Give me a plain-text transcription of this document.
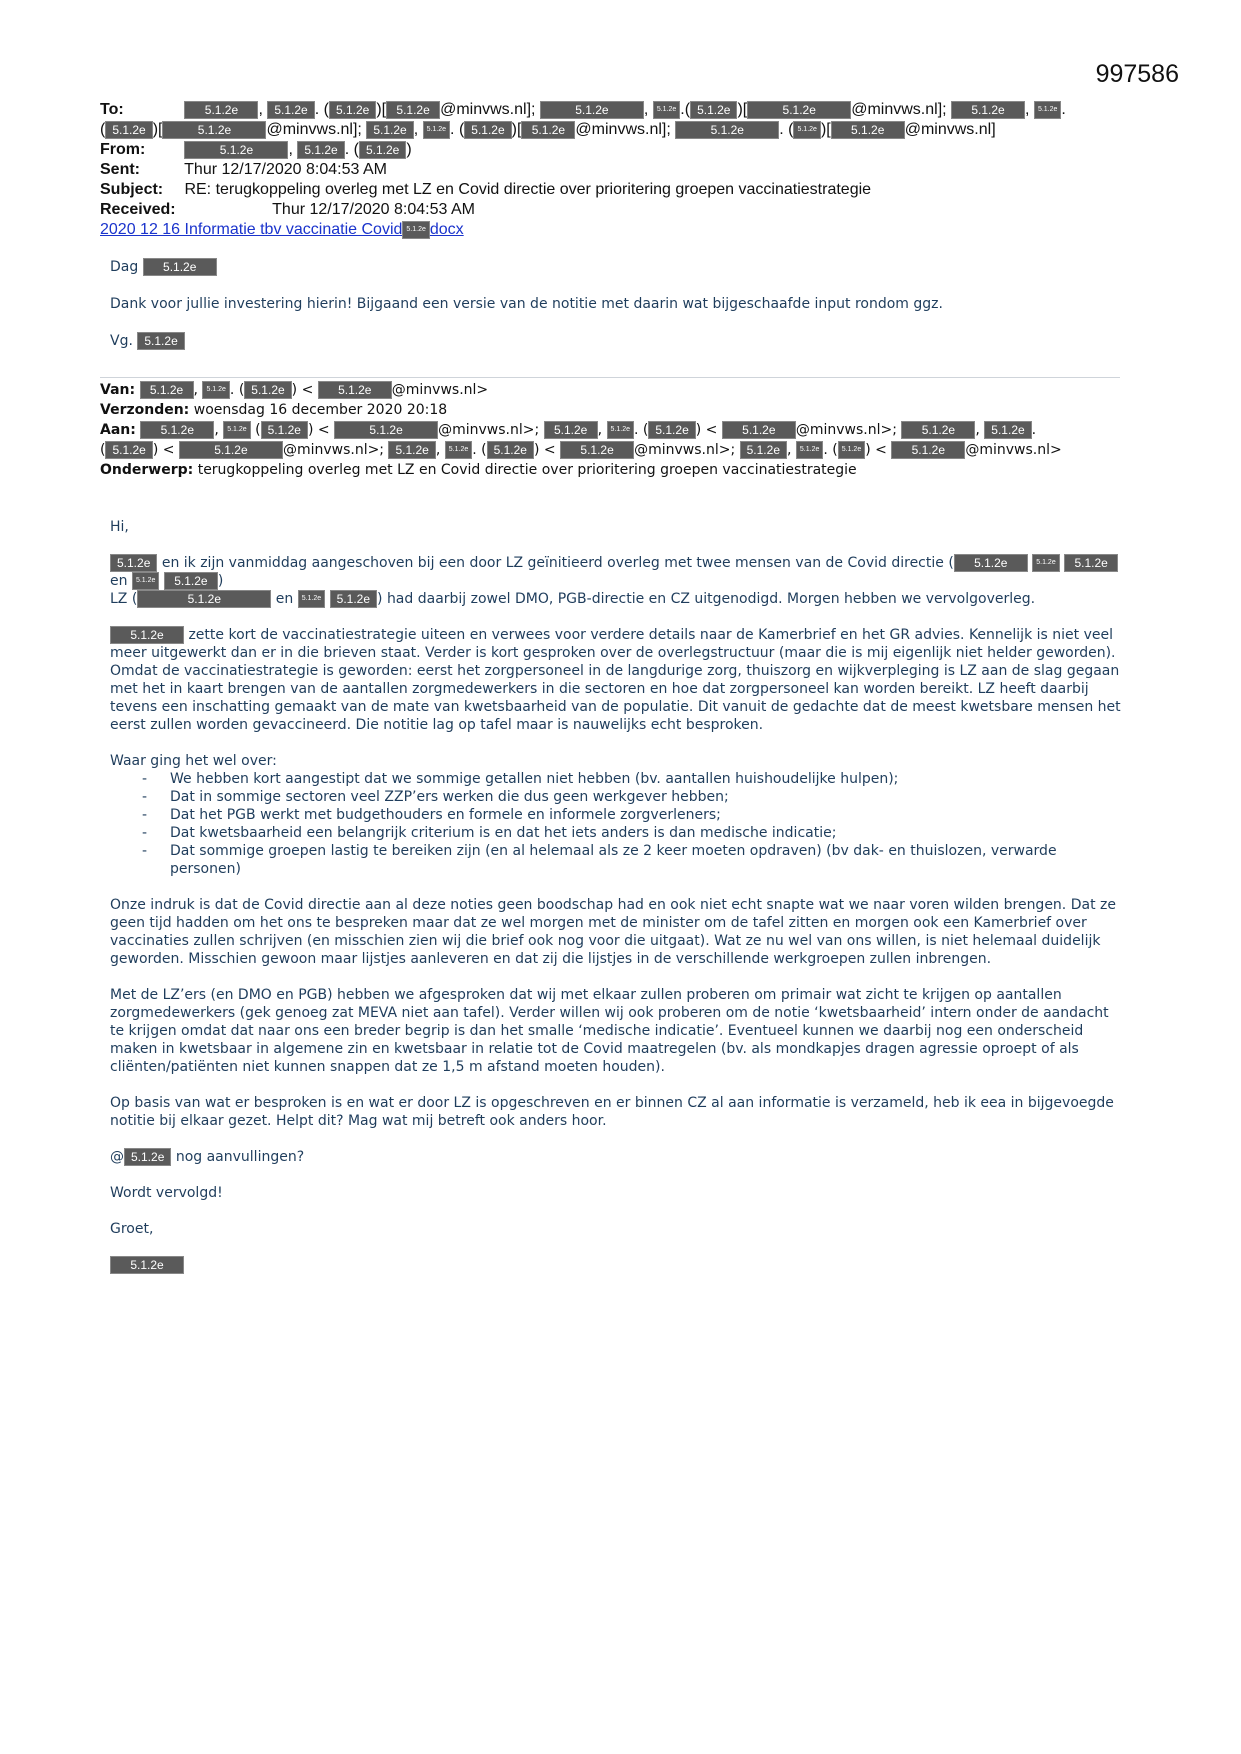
997586
To:	5.1.2e , 5.1.2e . ( 5.1.2e )[ 5.1.2e @minvws.nl];	5.1.2e , 5.1.2e .( 5.1.2e )[	5.1.2e @minvws.nl]; 5.1.2e , 5.1.2e .
( 5.1.2e )[	5.1.2e @minvws.nl]; 5.1.2e , 5.1.2e . ( 5.1.2e )[ 5.1.2e @minvws.nl];	5.1.2e . ( 5.1.2e )[ 5.1.2e @minvws.nl]
From:	5.1.2e , 5.1.2e . ( 5.1.2e )
Sent:	Thur 12/17/2020 8:04:53 AM
Subject: RE: terugkoppeling overleg met LZ en Covid directie over prioritering groepen vaccinatiestrategie
Received:	Thur 12/17/2020 8:04:53 AM
2020 12 16 Informatie tbv vaccinatie Covid 5.1.2e docx

Dag 5.1.2e

Dank voor jullie investering hierin! Bijgaand een versie van de notitie met daarin wat bijgeschaafde input rondom ggz.

Vg. 5.1.2e

Van: 5.1.2e , 5.1.2e . ( 5.1.2e ) < 5.1.2e @minvws.nl>
Verzonden: woensdag 16 december 2020 20:18
Aan: 5.1.2e , 5.1.2e ( 5.1.2e ) <	5.1.2e	@minvws.nl>; 5.1.2e , 5.1.2e . ( 5.1.2e ) < 5.1.2e @minvws.nl>; 5.1.2e , 5.1.2e .
( 5.1.2e ) <	5.1.2e	@minvws.nl>; 5.1.2e , 5.1.2e . ( 5.1.2e ) < 5.1.2e @minvws.nl>; 5.1.2e , 5.1.2e . ( 5.1.2e ) < 5.1.2e @minvws.nl>
Onderwerp: terugkoppeling overleg met LZ en Covid directie over prioritering groepen vaccinatiestrategie

Hi,

5.1.2e en ik zijn vanmiddag aangeschoven bij een door LZ geïnitieerd overleg met twee mensen van de Covid directie ( 5.1.2e	5.1.2e 5.1.2e en 5.1.2e 5.1.2e )
LZ (	5.1.2e	en 5.1.2e 5.1.2e ) had daarbij zowel DMO, PGB-directie en CZ uitgenodigd. Morgen hebben we vervolgoverleg.

5.1.2e zette kort de vaccinatiestrategie uiteen en verwees voor verdere details naar de Kamerbrief en het GR advies. Kennelijk is niet veel meer uitgewerkt dan er in die brieven staat. Verder is kort gesproken over de overlegstructuur (maar die is mij eigenlijk niet helder geworden). Omdat de vaccinatiestrategie is geworden: eerst het zorgpersoneel in de langdurige zorg, thuiszorg en wijkverpleging is LZ aan de slag gegaan met het in kaart brengen van de aantallen zorgmedewerkers in die sectoren en hoe dat zorgpersoneel kan worden bereikt. LZ heeft daarbij tevens een inschatting gemaakt van de mate van kwetsbaarheid van de populatie. Dit vanuit de gedachte dat de meest kwetsbare mensen het eerst zullen worden gevaccineerd. Die notitie lag op tafel maar is nauwelijks echt besproken.

Waar ging het wel over:
- We hebben kort aangestipt dat we sommige getallen niet hebben (bv. aantallen huishoudelijke hulpen);
- Dat in sommige sectoren veel ZZP’ers werken die dus geen werkgever hebben;
- Dat het PGB werkt met budgethouders en formele en informele zorgverleners;
- Dat kwetsbaarheid een belangrijk criterium is en dat het iets anders is dan medische indicatie;
- Dat sommige groepen lastig te bereiken zijn (en al helemaal als ze 2 keer moeten opdraven) (bv dak- en thuislozen, verwarde personen)

Onze indruk is dat de Covid directie aan al deze noties geen boodschap had en ook niet echt snapte wat we naar voren wilden brengen. Dat ze geen tijd hadden om het ons te bespreken maar dat ze wel morgen met de minister om de tafel zitten en morgen ook een Kamerbrief over vaccinaties zullen schrijven (en misschien zien wij die brief ook nog voor die uitgaat). Wat ze nu wel van ons willen, is niet helemaal duidelijk geworden. Misschien gewoon maar lijstjes aanleveren en dat zij die lijstjes in de verschillende werkgroepen zullen inbrengen.

Met de LZ’ers (en DMO en PGB) hebben we afgesproken dat wij met elkaar zullen proberen om primair wat zicht te krijgen op aantallen zorgmedewerkers (gek genoeg zat MEVA niet aan tafel). Verder willen wij ook proberen om de notie ‘kwetsbaarheid’ intern onder de aandacht te krijgen omdat dat naar ons een breder begrip is dan het smalle ‘medische indicatie’. Eventueel kunnen we daarbij nog een onderscheid maken in kwetsbaar in algemene zin en kwetsbaar in relatie tot de Covid maatregelen (bv. als mondkapjes dragen agressie oproept of als cliënten/patiënten niet kunnen snappen dat ze 1,5 m afstand moeten houden).

Op basis van wat er besproken is en wat er door LZ is opgeschreven en er binnen CZ al aan informatie is verzameld, heb ik eea in bijgevoegde notitie bij elkaar gezet. Helpt dit? Mag wat mij betreft ook anders hoor.

@ 5.1.2e nog aanvullingen?

Wordt vervolgd!

Groet,

5.1.2e
